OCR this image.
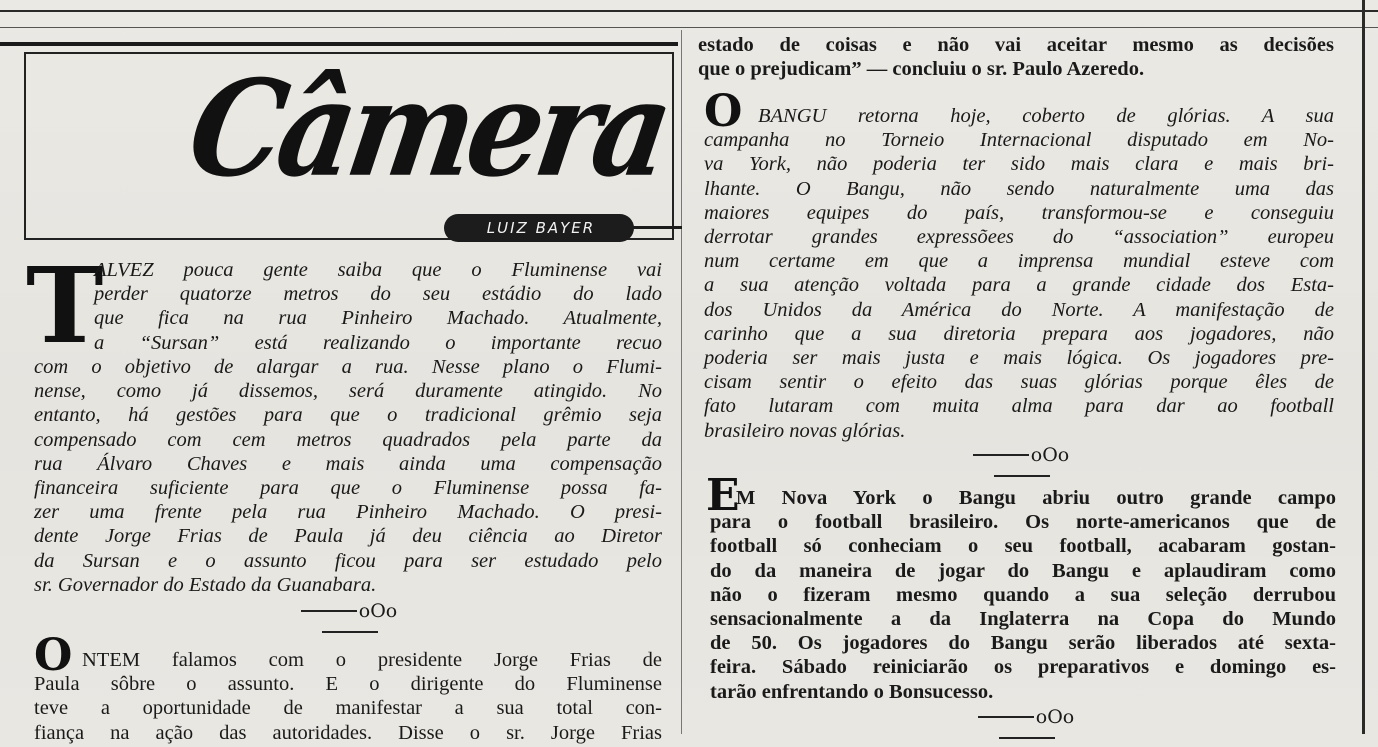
Câmera
LUIZ BAYER
T

ALVEZ pouca gente saiba que o Fluminense vai
perder quatorze metros do seu estádio do lado
que fica na rua Pinheiro Machado. Atualmente,
a “Sursan” está realizando o importante recuo

com o objetivo de alargar a rua. Nesse plano o Flumi-
nense, como já dissemos, será duramente atingido. No
entanto, há gestões para que o tradicional grêmio seja
compensado com cem metros quadrados pela parte da
rua Álvaro Chaves e mais ainda uma compensação
financeira suficiente para que o Fluminense possa fa-
zer uma frente pela rua Pinheiro Machado. O presi-
dente Jorge Frias de Paula já deu ciência ao Diretor
da Sursan e o assunto ficou para ser estudado pelo
sr. Governador do Estado da Guanabara.

oOo
O NTEM falamos com o presidente Jorge Frias de
Paula sôbre o assunto. E o dirigente do Fluminense
teve a oportunidade de manifestar a sua total con-
fiança na ação das autoridades. Disse o sr. Jorge Frias

estado de coisas e não vai aceitar mesmo as decisões
que o prejudicam” — concluiu o sr. Paulo Azeredo.

O BANGU retorna hoje, coberto de glórias. A sua
campanha no Torneio Internacional disputado em No-
va York, não poderia ter sido mais clara e mais bri-
lhante. O Bangu, não sendo naturalmente uma das
maiores equipes do país, transformou-se e conseguiu
derrotar grandes expressõees do “association” europeu
num certame em que a imprensa mundial esteve com
a sua atenção voltada para a grande cidade dos Esta-
dos Unidos da América do Norte. A manifestação de
carinho que a sua diretoria prepara aos jogadores, não
poderia ser mais justa e mais lógica. Os jogadores pre-
cisam sentir o efeito das suas glórias porque êles de
fato lutaram com muita alma para dar ao football
brasileiro novas glórias.

oOo
E

M Nova York o Bangu abriu outro grande campo
para o football brasileiro. Os norte-americanos que de
football só conheciam o seu football, acabaram gostan-
do da maneira de jogar do Bangu e aplaudiram como
não o fizeram mesmo quando a sua seleção derrubou
sensacionalmente a da Inglaterra na Copa do Mundo
de 50. Os jogadores do Bangu serão liberados até sexta-
feira. Sábado reiniciarão os preparativos e domingo es-
tarão enfrentando o Bonsucesso.

oOo
